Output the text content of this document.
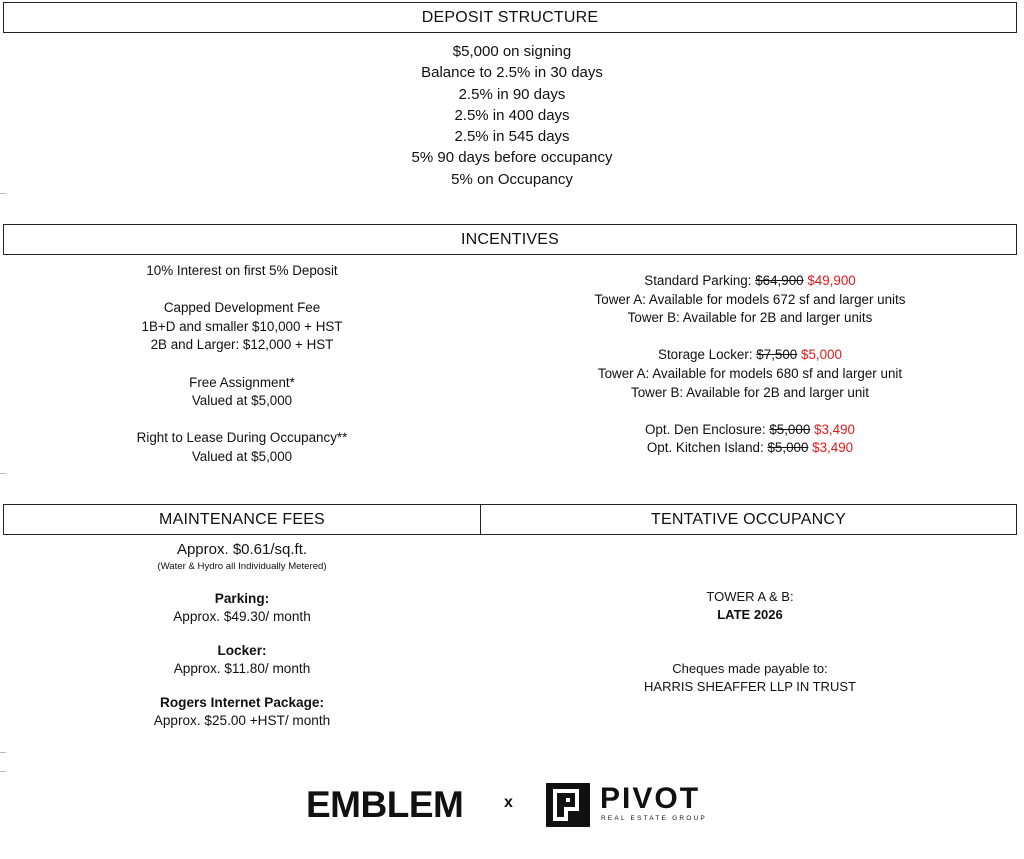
DEPOSIT STRUCTURE
$5,000 on signing
Balance to 2.5% in 30 days
2.5% in 90 days
2.5% in 400 days
2.5% in 545 days
5% 90 days before occupancy
5% on Occupancy
INCENTIVES
10% Interest on first 5% Deposit
Capped Development Fee
1B+D and smaller $10,000 + HST
2B and Larger: $12,000 + HST
Free Assignment*
Valued at $5,000
Right to Lease During Occupancy**
Valued at $5,000
Standard Parking: $64,900 $49,900
Tower A: Available for models 672 sf and larger units
Tower B: Available for 2B and larger units
Storage Locker: $7,500 $5,000
Tower A: Available for models 680 sf and larger unit
Tower B: Available for 2B and larger unit
Opt. Den Enclosure: $5,000 $3,490
Opt. Kitchen Island: $5,000 $3,490
MAINTENANCE FEES	TENTATIVE OCCUPANCY
Approx. $0.61/sq.ft.
(Water & Hydro all Individually Metered)
Parking:
Approx. $49.30/ month
Locker:
Approx. $11.80/ month
Rogers Internet Package:
Approx. $25.00 +HST/ month
TOWER A & B:
LATE 2026
Cheques made payable to:
HARRIS SHEAFFER LLP IN TRUST
EMBLEM	x	PIVOT
REAL ESTATE GROUP
